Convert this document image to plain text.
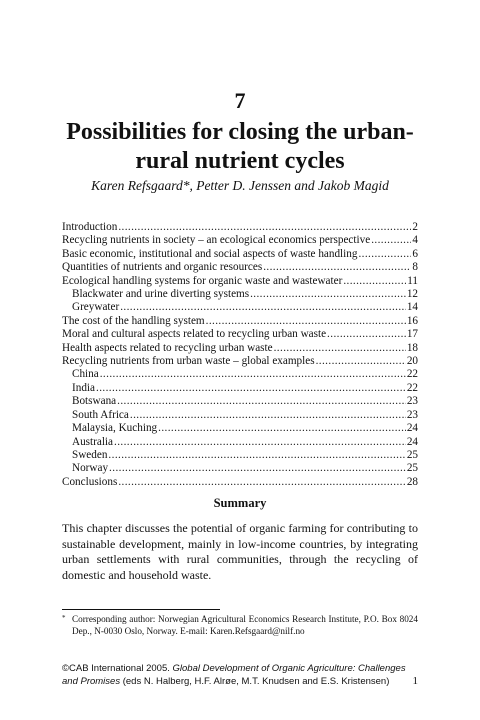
7
Possibilities for closing the urban-rural nutrient cycles
Karen Refsgaard*, Petter D. Jenssen and Jakob Magid
Introduction .....	2
Recycling nutrients in society – an ecological economics perspective .....	4
Basic economic, institutional and social aspects of waste handling .....	6
Quantities of nutrients and organic resources .....	8
Ecological handling systems for organic waste and wastewater .....	11
Blackwater and urine diverting systems .....	12
Greywater .....	14
The cost of the handling system .....	16
Moral and cultural aspects related to recycling urban waste .....	17
Health aspects related to recycling urban waste .....	18
Recycling nutrients from urban waste – global examples .....	20
China .....	22
India .....	22
Botswana .....	23
South Africa .....	23
Malaysia, Kuching .....	24
Australia .....	24
Sweden .....	25
Norway .....	25
Conclusions .....	28
Summary
This chapter discusses the potential of organic farming for contributing to sustainable development, mainly in low-income countries, by integrating urban settlements with rural communities, through the recycling of domestic and household waste.
* Corresponding author: Norwegian Agricultural Economics Research Institute, P.O. Box 8024 Dep., N-0030 Oslo, Norway. E-mail: Karen.Refsgaard@nilf.no
©CAB International 2005. Global Development of Organic Agriculture: Challenges and Promises (eds N. Halberg, H.F. Alrøe, M.T. Knudsen and E.S. Kristensen)	1
